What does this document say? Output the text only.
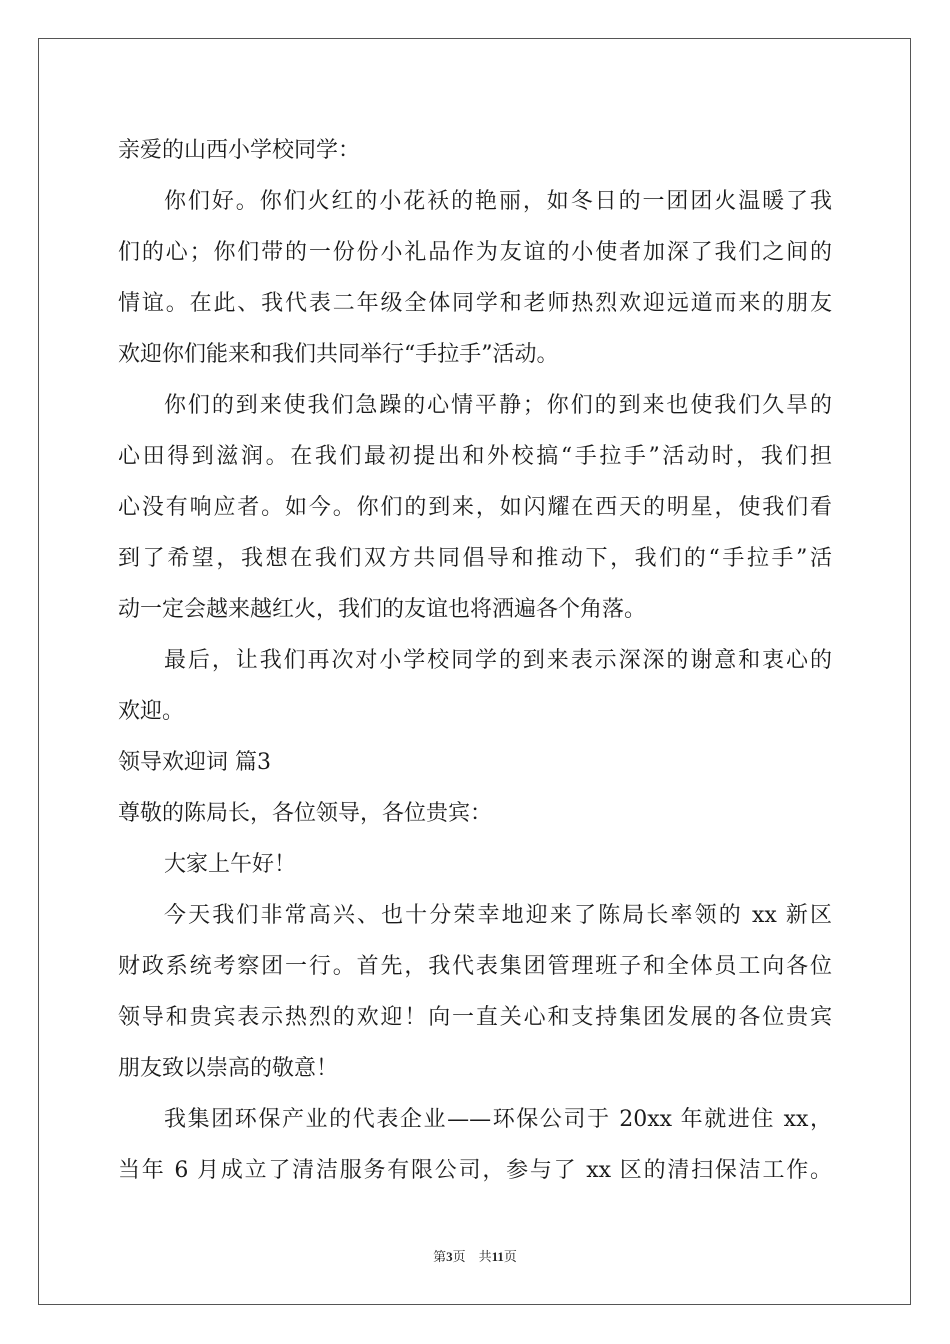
亲爱的山西小学校同学：
你们好。你们火红的小花袄的艳丽，如冬日的一团团火温暖了我
们的心；你们带的一份份小礼品作为友谊的小使者加深了我们之间的
情谊。在此、我代表二年级全体同学和老师热烈欢迎远道而来的朋友
欢迎你们能来和我们共同举行“手拉手”活动。
你们的到来使我们急躁的心情平静；你们的到来也使我们久旱的
心田得到滋润。在我们最初提出和外校搞“手拉手”活动时，我们担
心没有响应者。如今。你们的到来，如闪耀在西天的明星，使我们看
到了希望，我想在我们双方共同倡导和推动下，我们的“手拉手”活
动一定会越来越红火，我们的友谊也将洒遍各个角落。
最后，让我们再次对小学校同学的到来表示深深的谢意和衷心的
欢迎。
领导欢迎词 篇3
尊敬的陈局长，各位领导，各位贵宾：
大家上午好！
今天我们非常高兴、也十分荣幸地迎来了陈局长率领的 xx 新区
财政系统考察团一行。首先，我代表集团管理班子和全体员工向各位
领导和贵宾表示热烈的欢迎！向一直关心和支持集团发展的各位贵宾
朋友致以崇高的敬意！
我集团环保产业的代表企业——环保公司于 20xx 年就进住 xx，
当年 6 月成立了清洁服务有限公司，参与了 xx 区的清扫保洁工作。
第3页　共11页
